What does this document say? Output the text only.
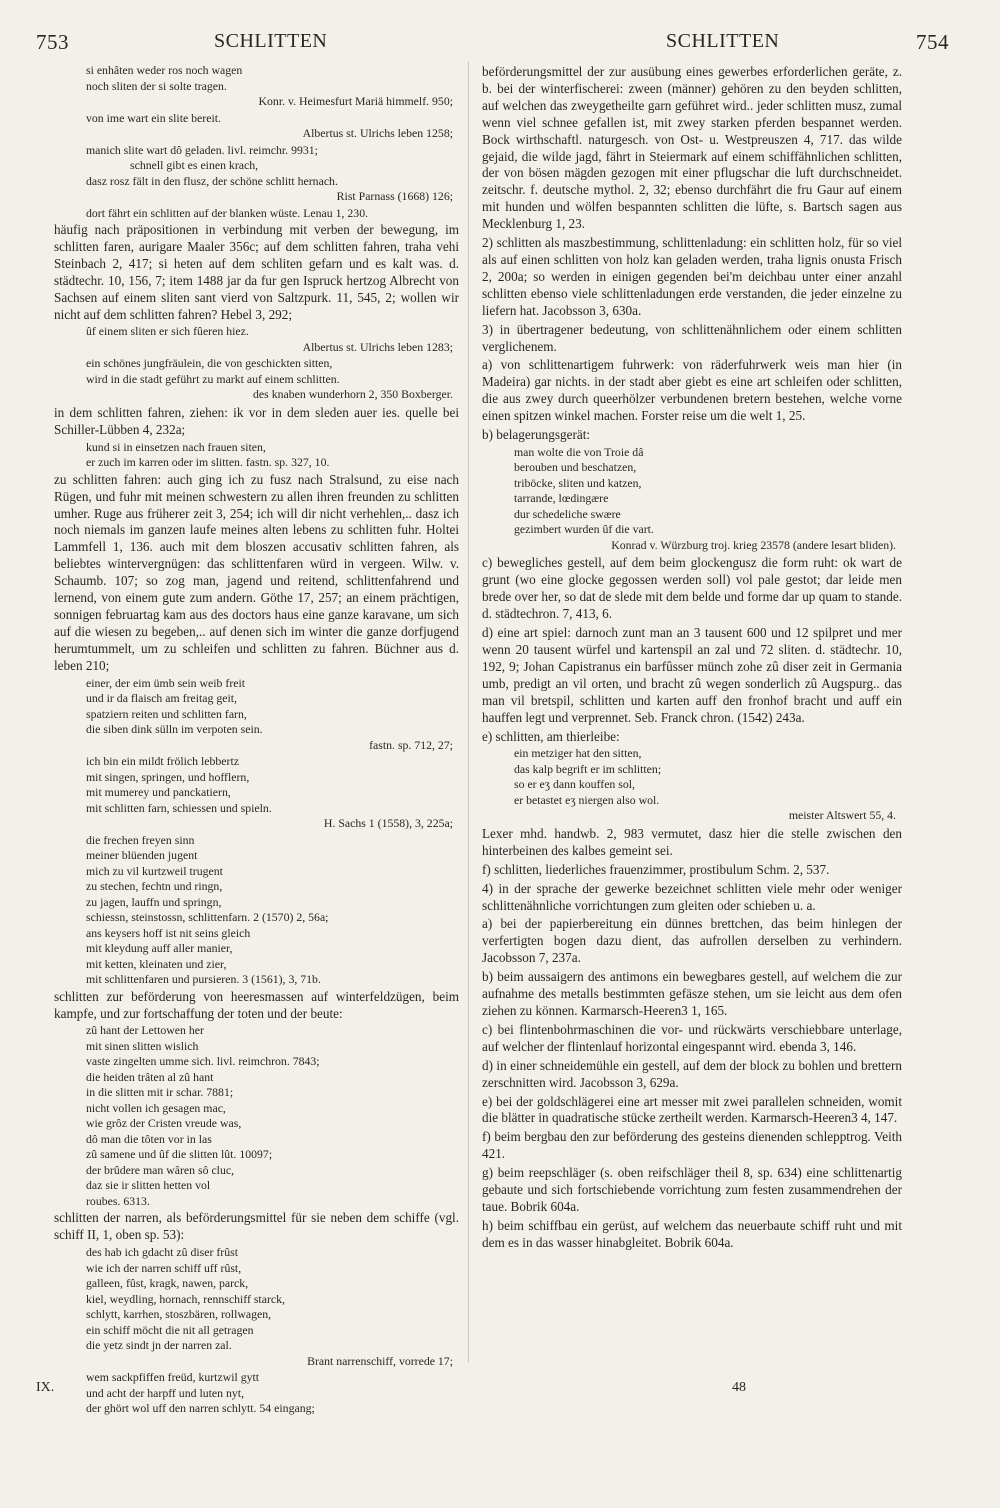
753	SCHLITTEN	SCHLITTEN	754
si enhâten weder ros noch wagen
noch sliten der si solte tragen.
Konr. v. Heimesfurt Mariä himmelf. 950;
von ime wart ein slite bereit.
Albertus st. Ulrichs leben 1258;
manich slite wart dô geladen. livl. reimchr. 9931;
schnell gibt es einen krach,
dasz rosz fält in den flusz, der schöne schlitt hernach.
Rist Parnass (1668) 126;
dort fährt ein schlitten auf der blanken wüste. Lenau 1, 230.
häufig nach präpositionen in verbindung mit verben der bewegung, im schlitten faren, aurigare Maaler 356c; auf dem schlitten fahren, traha vehi Steinbach 2, 417; si heten auf dem schliten gefarn und es kalt was. d. städtechr. 10, 156, 7; item 1488 jar da fur gen Ispruck hertzog Albrecht von Sachsen auf einem sliten sant vierd von Saltzpurk. 11, 545, 2; wollen wir nicht auf dem schlitten fahren? Hebel 3, 292;
ûf einem sliten er sich fûeren hiez.
Albertus st. Ulrichs leben 1283;
ein schönes jungfräulein, die von geschickten sitten,
wird in die stadt geführt zu markt auf einem schlitten.
des knaben wunderhorn 2, 350 Boxberger.
in dem schlitten fahren, ziehen: ik vor in dem sleden auer ies. quelle bei Schiller-Lübben 4, 232a;
kund si in einsetzen nach frauen siten,
er zuch im karren oder im slitten. fastn. sp. 327, 10.
zu schlitten fahren: auch ging ich zu fusz nach Stralsund, zu eise nach Rügen, und fuhr mit meinen schwestern zu allen ihren freunden zu schlitten umher. Ruge aus früherer zeit 3, 254; ich will dir nicht verhehlen,.. dasz ich noch niemals im ganzen laufe meines alten lebens zu schlitten fuhr. Holtei Lammfell 1, 136. auch mit dem bloszen accusativ schlitten fahren, als beliebtes wintervergnügen: das schlittenfaren würd in vergeen. Wilw. v. Schaumb. 107; so zog man, jagend und reitend, schlittenfahrend und lernend, von einem gute zum andern. Göthe 17, 257; an einem prächtigen, sonnigen februartag kam aus des doctors haus eine ganze karavane, um sich auf die wiesen zu begeben,.. auf denen sich im winter die ganze dorfjugend herumtummelt, um zu schleifen und schlitten zu fahren. Büchner aus d. leben 210;
einer, der eim ümb sein weib freit
und ir da flaisch am freitag geit,
spatziern reiten und schlitten farn,
die siben dink sülln im verpoten sein.
fastn. sp. 712, 27;
ich bin ein mildt frölich lebbertz
mit singen, springen, und hofflern,
mit mumerey und panckatiern,
mit schlitten farn, schiessen und spieln.
H. Sachs 1 (1558), 3, 225a;
die frechen freyen sinn
meiner blüenden jugent
mich zu vil kurtzweil trugent
zu stechen, fechtn und ringn,
zu jagen, lauffn und springn,
schiessn, steinstossn, schlittenfarn. 2 (1570) 2, 56a;
ans keysers hoff ist nit seins gleich
mit kleydung auff aller manier,
mit ketten, kleinaten und zier,
mit schlittenfaren und pursieren. 3 (1561), 3, 71b.
schlitten zur beförderung von heeresmassen auf winterfeldzügen, beim kampfe, und zur fortschaffung der toten und der beute:
zû hant der Lettowen her
mit sinen slitten wislich
vaste zingelten umme sich. livl. reimchron. 7843;
die heiden trâten al zû hant
in die slitten mit ir schar. 7881;
nicht vollen ich gesagen mac,
wie grôz der Cristen vreude was,
dô man die tôten vor in las
zû samene und ûf die slitten lût. 10097;
der brûdere man wâren sô cluc,
daz sie ir slitten hetten vol
roubes. 6313.
schlitten der narren, als beförderungsmittel für sie neben dem schiffe (vgl. schiff II, 1, oben sp. 53):
des hab ich gdacht zû diser frûst
wie ich der narren schiff uff rûst,
galleen, fûst, kragk, nawen, parck,
kiel, weydling, hornach, rennschiff starck,
schlytt, karrhen, stoszbären, rollwagen,
ein schiff möcht die nit all getragen
die yetz sindt jn der narren zal.
Brant narrenschiff, vorrede 17;
wem sackpfiffen freüd, kurtzwil gytt
und acht der harpff und luten nyt,
der ghört wol uff den narren schlytt. 54 eingang;
beförderungsmittel der zur ausübung eines gewerbes erforderlichen geräte, z. b. bei der winterfischerei: zween (männer) gehören zu den beyden schlitten, auf welchen das zweygetheilte garn geführet wird.. jeder schlitten musz, zumal wenn viel schnee gefallen ist, mit zwey starken pferden bespannet werden. Bock wirthschaftl. naturgesch. von Ost- u. Westpreuszen 4, 717. das wilde gejaid, die wilde jagd, fährt in Steiermark auf einem schiffähnlichen schlitten, der von bösen mägden gezogen mit einer pflugschar die luft durchschneidet. zeitschr. f. deutsche mythol. 2, 32; ebenso durchfährt die fru Gaur auf einem mit hunden und wölfen bespannten schlitten die lüfte, s. Bartsch sagen aus Mecklenburg 1, 23.
2) schlitten als maszbestimmung, schlittenladung: ein schlitten holz, für so viel als auf einen schlitten von holz kan geladen werden, traha lignis onusta Frisch 2, 200a; so werden in einigen gegenden bei'm deichbau unter einer anzahl schlitten ebenso viele schlittenladungen erde verstanden, die jeder einzelne zu liefern hat. Jacobsson 3, 630a.
3) in übertragener bedeutung, von schlittenähnlichem oder einem schlitten verglichenem.
a) von schlittenartigem fuhrwerk: von räderfuhrwerk weis man hier (in Madeira) gar nichts. in der stadt aber giebt es eine art schleifen oder schlitten, die aus zwey durch queerhölzer verbundenen bretern bestehen, welche vorne einen spitzen winkel machen. Forster reise um die welt 1, 25.
b) belagerungsgerät:
man wolte die von Troie dâ
berouben und beschatzen,
triböcke, sliten und katzen,
tarrande, lœdingære
dur schedeliche swære
gezimbert wurden ûf die vart.
Konrad v. Würzburg troj. krieg 23578 (andere lesart bliden).
c) bewegliches gestell, auf dem beim glockengusz die form ruht: ok wart de grunt (wo eine glocke gegossen werden soll) vol pale gestot; dar leide men brede over her, so dat de slede mit dem belde und forme dar up quam to stande. d. städtechron. 7, 413, 6.
d) eine art spiel: darnoch zunt man an 3 tausent 600 und 12 spilpret und mer wenn 20 tausent würfel und kartenspil an zal und 72 sliten. d. städtechr. 10, 192, 9; Johan Capistranus ein barfûsser münch zohe zû diser zeit in Germania umb, predigt an vil orten, und bracht zû wegen sonderlich zû Augspurg.. das man vil bretspil, schlitten und karten auff den fronhof bracht und auff ein hauffen legt und verprennet. Seb. Franck chron. (1542) 243a.
e) schlitten, am thierleibe:
ein metziger hat den sitten,
das kalp begrift er im schlitten;
so er eʒ dann kouffen sol,
er betastet eʒ niergen also wol.
meister Altswert 55, 4.
Lexer mhd. handwb. 2, 983 vermutet, dasz hier die stelle zwischen den hinterbeinen des kalbes gemeint sei.
f) schlitten, liederliches frauenzimmer, prostibulum Schm. 2, 537.
4) in der sprache der gewerke bezeichnet schlitten viele mehr oder weniger schlittenähnliche vorrichtungen zum gleiten oder schieben u. a.
a) bei der papierbereitung ein dünnes brettchen, das beim hinlegen der verfertigten bogen dazu dient, das aufrollen derselben zu verhindern. Jacobsson 7, 237a.
b) beim aussaigern des antimons ein bewegbares gestell, auf welchem die zur aufnahme des metalls bestimmten gefäsze stehen, um sie leicht aus dem ofen ziehen zu können. Karmarsch-Heeren3 1, 165.
c) bei flintenbohrmaschinen die vor- und rückwärts verschiebbare unterlage, auf welcher der flintenlauf horizontal eingespannt wird. ebenda 3, 146.
d) in einer schneidemühle ein gestell, auf dem der block zu bohlen und brettern zerschnitten wird. Jacobsson 3, 629a.
e) bei der goldschlägerei eine art messer mit zwei parallelen schneiden, womit die blätter in quadratische stücke zertheilt werden. Karmarsch-Heeren3 4, 147.
f) beim bergbau den zur beförderung des gesteins dienenden schlepptrog. Veith 421.
g) beim reepschläger (s. oben reifschläger theil 8, sp. 634) eine schlittenartig gebaute und sich fortschiebende vorrichtung zum festen zusammendrehen der taue. Bobrik 604a.
h) beim schiffbau ein gerüst, auf welchem das neuerbaute schiff ruht und mit dem es in das wasser hinabgleitet. Bobrik 604a.
IX.	48
